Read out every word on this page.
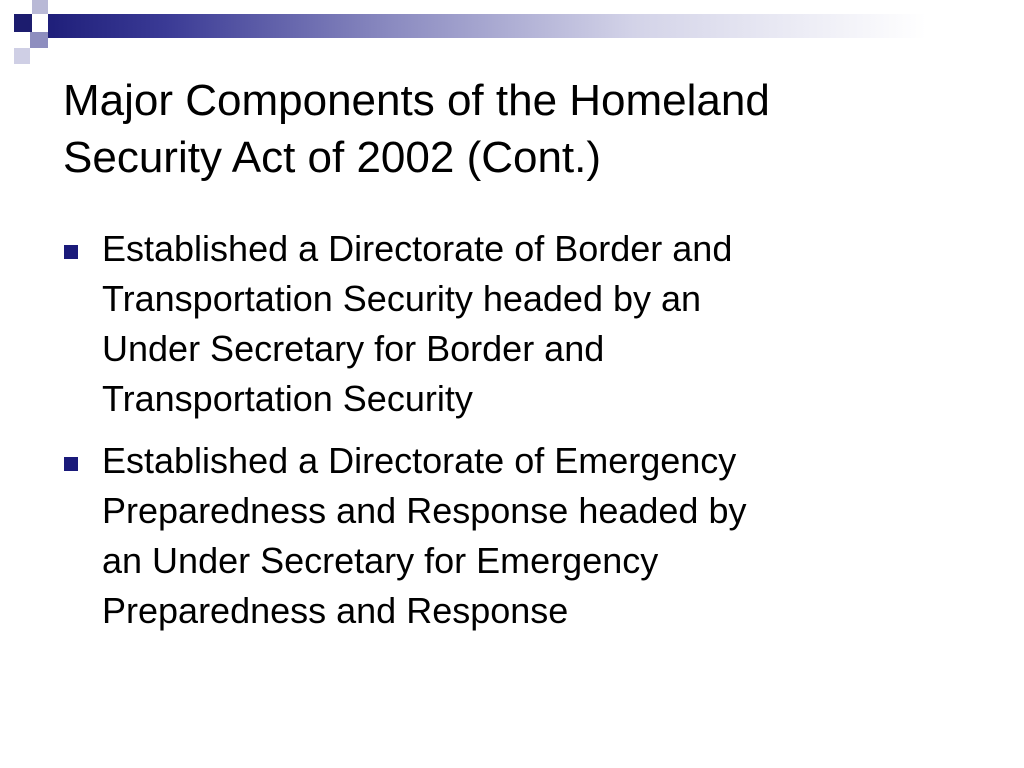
Major Components of the Homeland
Security Act of 2002 (Cont.)
Established a Directorate of Border and
Transportation Security headed by an
Under Secretary for Border and
Transportation Security
Established a Directorate of Emergency
Preparedness and Response headed by
an Under Secretary for Emergency
Preparedness and Response
